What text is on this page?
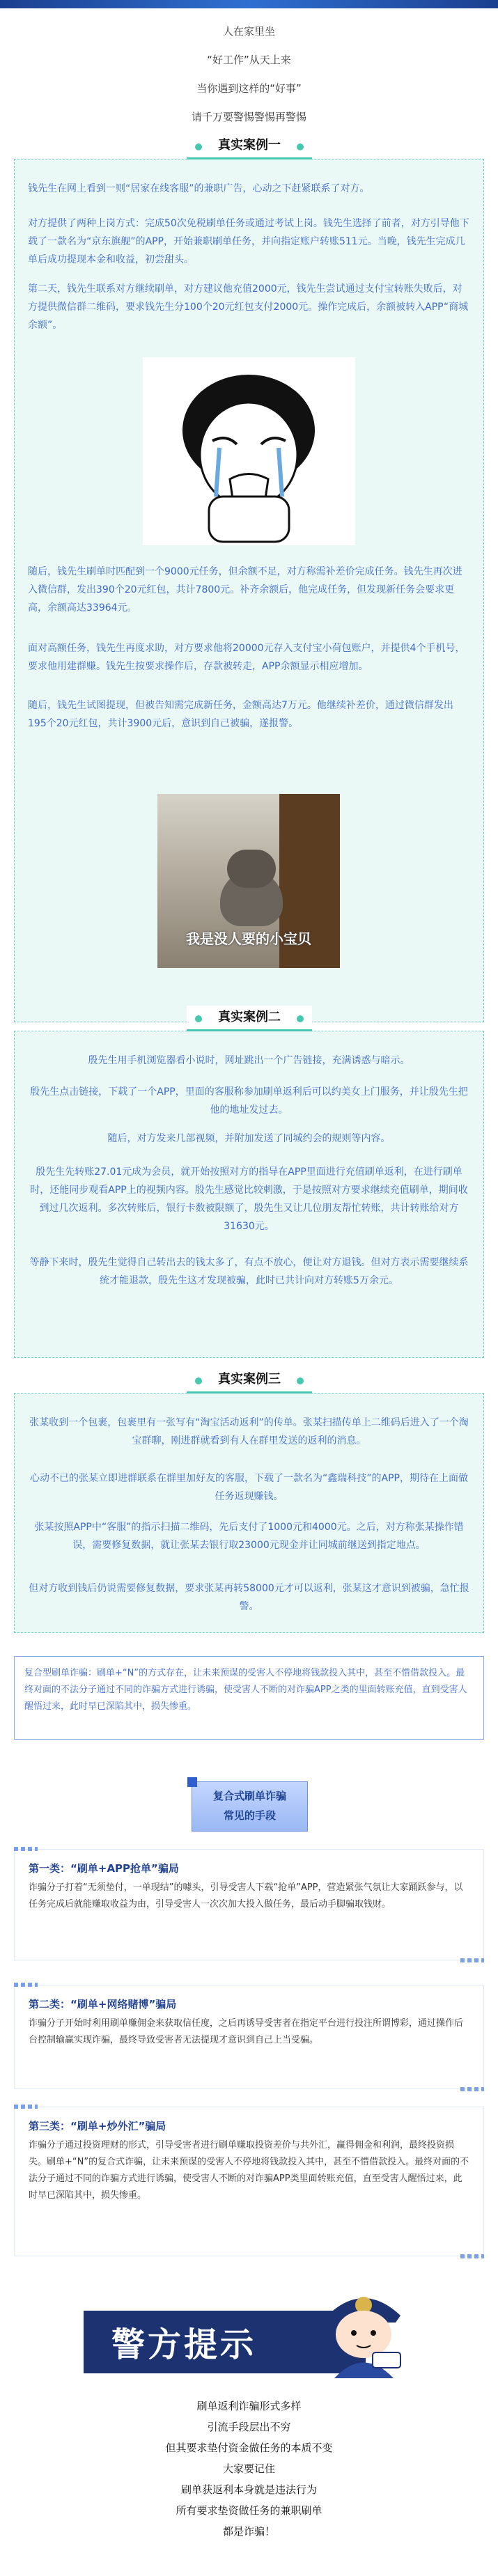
人在家里坐

“好工作”从天上来

当你遇到这样的“好事”

请千万要警惕警惕再警惕

真实案例一

钱先生在网上看到一则“居家在线客服”的兼职广告，心动之下赶紧联系了对方。

对方提供了两种上岗方式：完成50次免税刷单任务或通过考试上岗。钱先生选择了前者，对方引导他下载了一款名为“京东旗舰”的APP，开始兼职刷单任务，并向指定账户转账511元。当晚，钱先生完成几单后成功提现本金和收益，初尝甜头。

第二天，钱先生联系对方继续刷单，对方建议他充值2000元，钱先生尝试通过支付宝转账失败后，对方提供微信群二维码，要求钱先生分100个20元红包支付2000元。操作完成后，余额被转入APP“商城余额”。

随后，钱先生刷单时匹配到一个9000元任务，但余额不足，对方称需补差价完成任务。钱先生再次进入微信群，发出390个20元红包，共计7800元。补齐余额后，他完成任务，但发现新任务会要求更高，余额高达33964元。

面对高额任务，钱先生再度求助，对方要求他将20000元存入支付宝小荷包账户，并提供4个手机号，要求他用建群赚。钱先生按要求操作后，存款被转走，APP余额显示相应增加。

随后，钱先生试图提现，但被告知需完成新任务，金额高达7万元。他继续补差价，通过微信群发出195个20元红包，共计3900元后，意识到自己被骗，遂报警。

我是没人要的小宝贝
真实案例二

殷先生用手机浏览器看小说时，网址跳出一个广告链接，充满诱惑与暗示。

殷先生点击链接，下载了一个APP，里面的客服称参加刷单返利后可以约美女上门服务，并让殷先生把他的地址发过去。

随后，对方发来几部视频，并附加发送了同城约会的规则等内容。

殷先生先转账27.01元成为会员，就开始按照对方的指导在APP里面进行充值刷单返利，在进行刷单时，还能同步观看APP上的视频内容。殷先生感觉比较刺激，于是按照对方要求继续充值刷单，期间收到过几次返利。多次转账后，银行卡数被限额了，殷先生又让几位朋友帮忙转账，共计转账给对方31630元。

等静下来时，殷先生觉得自己转出去的钱太多了，有点不放心，便让对方退钱。但对方表示需要继续系统才能退款，殷先生这才发现被骗，此时已共计向对方转账5万余元。

真实案例三

张某收到一个包裹，包裹里有一张写有“淘宝活动返利”的传单。张某扫描传单上二维码后进入了一个淘宝群聊，刚进群就看到有人在群里发送的返利的消息。

心动不已的张某立即进群联系在群里加好友的客服，下载了一款名为“鑫瑞科技”的APP，期待在上面做任务返现赚钱。

张某按照APP中“客服”的指示扫描二维码，先后支付了1000元和4000元。之后，对方称张某操作错误，需要修复数据，就让张某去银行取23000元现金并让同城前继送到指定地点。

但对方收到钱后仍说需要修复数据，要求张某再转58000元才可以返利，张某这才意识到被骗，急忙报警。

复合型刷单诈骗：刷单+“N”的方式存在，让未来预谋的受害人不停地将钱款投入其中，甚至不惜借款投入。最终对面的不法分子通过不同的诈骗方式进行诱骗，使受害人不断的对诈骗APP之类的里面转账充值，直到受害人醒悟过来，此时早已深陷其中，损失惨重。
复合式刷单诈骗
常见的手段

第一类：“刷单+APP抢单”骗局

诈骗分子打着“无须垫付，一单现结”的噱头，引导受害人下载“抢单”APP，营造紧张气氛让大家踊跃参与，以任务完成后就能赚取收益为由，引导受害人一次次加大投入做任务，最后动手脚骗取钱财。

第二类：“刷单+网络赌博”骗局

诈骗分子开始时利用刷单赚佣金来获取信任度，之后再诱导受害者在指定平台进行投注所谓博彩，通过操作后台控制输赢实现诈骗，最终导致受害者无法提现才意识到自己上当受骗。

第三类：“刷单+炒外汇”骗局

诈骗分子通过投资理财的形式，引导受害者进行刷单赚取投资差价与共外汇，赢得佣金和利润，最终投资损失。刷单+“N”的复合式诈骗，让未来预谋的受害人不停地将钱款投入其中，甚至不惜借款投入。最终对面的不法分子通过不同的诈骗方式进行诱骗，使受害人不断的对诈骗APP类里面转账充值，直至受害人醒悟过来，此时早已深陷其中，损失惨重。

警方提示

刷单返利诈骗形式多样

引流手段层出不穷

但其要求垫付资金做任务的本质不变

大家要记住

刷单获返利本身就是违法行为

所有要求垫资做任务的兼职刷单

都是诈骗！
